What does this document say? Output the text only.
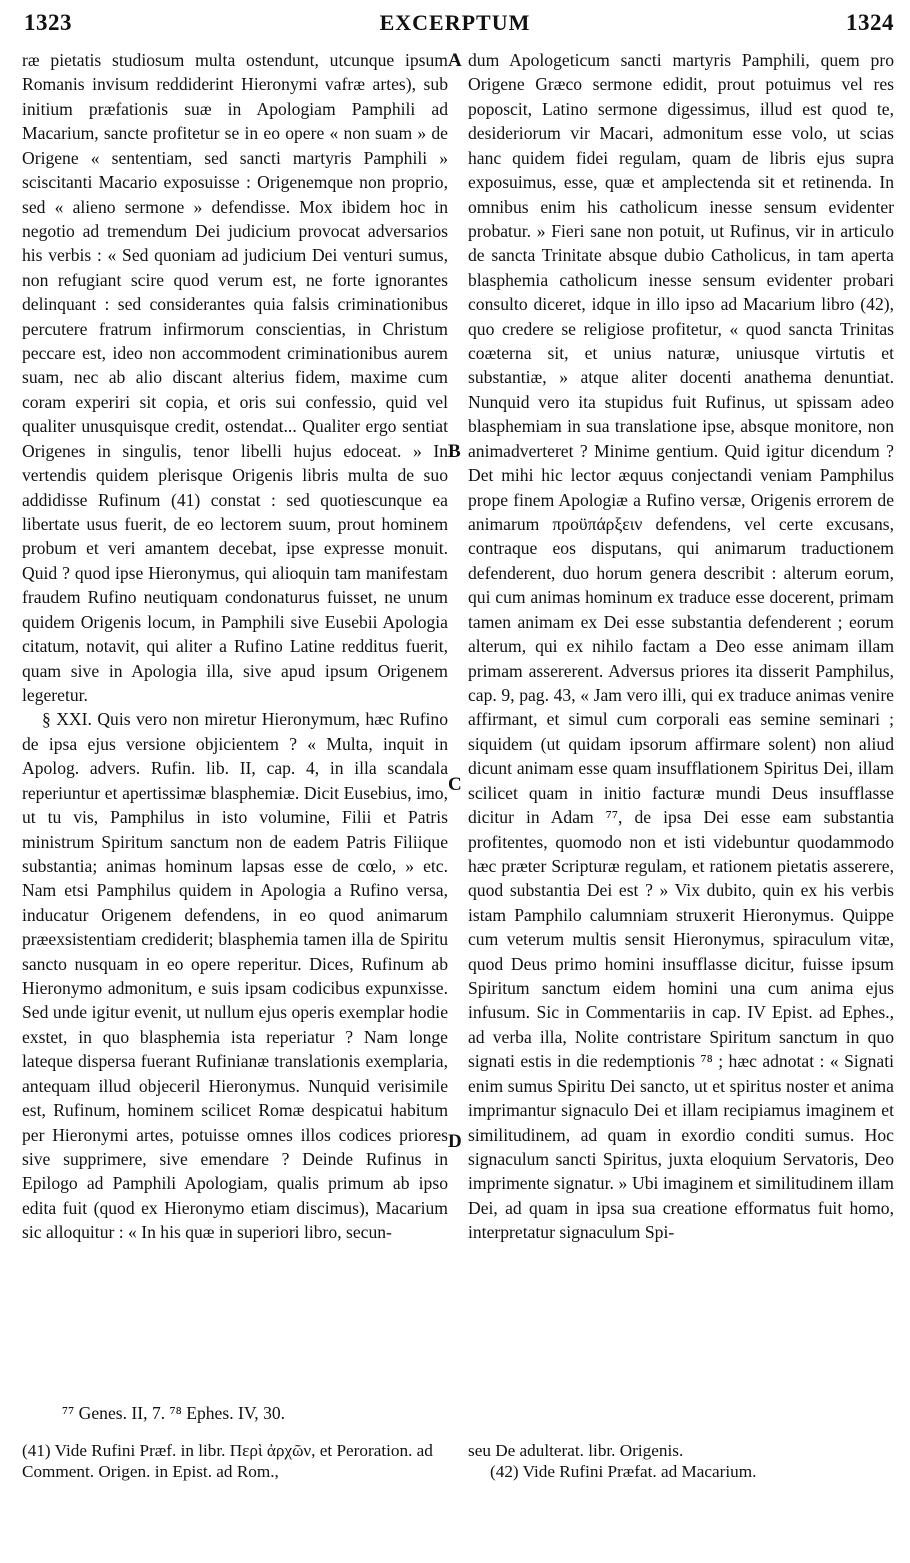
1323	EXCERPTUM	1324
A
B
C
D

ræ pietatis studiosum multa ostendunt, utcunque ipsum Romanis invisum reddiderint Hieronymi vafræ artes), sub initium præfationis suæ in Apologiam Pamphili ad Macarium, sancte profitetur se in eo opere « non suam » de Origene « sententiam, sed sancti martyris Pamphili » sciscitanti Macario exposuisse : Origenemque non proprio, sed « alieno sermone » defendisse. Mox ibidem hoc in negotio ad tremendum Dei judicium provocat adversarios his verbis : « Sed quoniam ad judicium Dei venturi sumus, non refugiant scire quod verum est, ne forte ignorantes delinquant : sed considerantes quia falsis criminationibus percutere fratrum infirmorum conscientias, in Christum peccare est, ideo non accommodent criminationibus aurem suam, nec ab alio discant alterius fidem, maxime cum coram experiri sit copia, et oris sui confessio, quid vel qualiter unusquisque credit, ostendat... Qualiter ergo sentiat Origenes in singulis, tenor libelli hujus edoceat. » In vertendis quidem plerisque Origenis libris multa de suo addidisse Rufinum (41) constat : sed quotiescunque ea libertate usus fuerit, de eo lectorem suum, prout hominem probum et veri amantem decebat, ipse expresse monuit. Quid ? quod ipse Hieronymus, qui alioquin tam manifestam fraudem Rufino neutiquam condonaturus fuisset, ne unum quidem Origenis locum, in Pamphili sive Eusebii Apologia citatum, notavit, qui aliter a Rufino Latine redditus fuerit, quam sive in Apologia illa, sive apud ipsum Origenem legeretur.

§ XXI. Quis vero non miretur Hieronymum, hæc Rufino de ipsa ejus versione objicientem ? « Multa, inquit in Apolog. advers. Rufin. lib. II, cap. 4, in illa scandala reperiuntur et apertissimæ blasphemiæ. Dicit Eusebius, imo, ut tu vis, Pamphilus in isto volumine, Filii et Patris ministrum Spiritum sanctum non de eadem Patris Filiique substantia; animas hominum lapsas esse de cœlo, » etc. Nam etsi Pamphilus quidem in Apologia a Rufino versa, inducatur Origenem defendens, in eo quod animarum præexsistentiam crediderit; blasphemia tamen illa de Spiritu sancto nusquam in eo opere reperitur. Dices, Rufinum ab Hieronymo admonitum, e suis ipsam codicibus expunxisse. Sed unde igitur evenit, ut nullum ejus operis exemplar hodie exstet, in quo blasphemia ista reperiatur ? Nam longe lateque dispersa fuerant Rufinianæ translationis exemplaria, antequam illud objeceril Hieronymus. Nunquid verisimile est, Rufinum, hominem scilicet Romæ despicatui habitum per Hieronymi artes, potuisse omnes illos codices priores sive supprimere, sive emendare ? Deinde Rufinus in Epilogo ad Pamphili Apologiam, qualis primum ab ipso edita fuit (quod ex Hieronymo etiam discimus), Macarium sic alloquitur : « In his quæ in superiori libro, secun-

dum Apologeticum sancti martyris Pamphili, quem pro Origene Græco sermone edidit, prout potuimus vel res poposcit, Latino sermone digessimus, illud est quod te, desideriorum vir Macari, admonitum esse volo, ut scias hanc quidem fidei regulam, quam de libris ejus supra exposuimus, esse, quæ et amplectenda sit et retinenda. In omnibus enim his catholicum inesse sensum evidenter probatur. » Fieri sane non potuit, ut Rufinus, vir in articulo de sancta Trinitate absque dubio Catholicus, in tam aperta blasphemia catholicum inesse sensum evidenter probari consulto diceret, idque in illo ipso ad Macarium libro (42), quo credere se religiose profitetur, « quod sancta Trinitas coæterna sit, et unius naturæ, uniusque virtutis et substantiæ, » atque aliter docenti anathema denuntiat. Nunquid vero ita stupidus fuit Rufinus, ut spissam adeo blasphemiam in sua translatione ipse, absque monitore, non animadverteret ? Minime gentium. Quid igitur dicendum ? Det mihi hic lector æquus conjectandi veniam Pamphilus prope finem Apologiæ a Rufino versæ, Origenis errorem de animarum προϋπάρξειν defendens, vel certe excusans, contraque eos disputans, qui animarum traductionem defenderent, duo horum genera describit : alterum eorum, qui cum animas hominum ex traduce esse docerent, primam tamen animam ex Dei esse substantia defenderent ; eorum alterum, qui ex nihilo factam a Deo esse animam illam primam assererent. Adversus priores ita disserit Pamphilus, cap. 9, pag. 43, « Jam vero illi, qui ex traduce animas venire affirmant, et simul cum corporali eas semine seminari ; siquidem (ut quidam ipsorum affirmare solent) non aliud dicunt animam esse quam insufflationem Spiritus Dei, illam scilicet quam in initio facturæ mundi Deus insufflasse dicitur in Adam ⁷⁷, de ipsa Dei esse eam substantia profitentes, quomodo non et isti videbuntur quodammodo hæc præter Scripturæ regulam, et rationem pietatis asserere, quod substantia Dei est ? » Vix dubito, quin ex his verbis istam Pamphilo calumniam struxerit Hieronymus. Quippe cum veterum multis sensit Hieronymus, spiraculum vitæ, quod Deus primo homini insufflasse dicitur, fuisse ipsum Spiritum sanctum eidem homini una cum anima ejus infusum. Sic in Commentariis in cap. IV Epist. ad Ephes., ad verba illa, Nolite contristare Spiritum sanctum in quo signati estis in die redemptionis ⁷⁸ ; hæc adnotat : « Signati enim sumus Spiritu Dei sancto, ut et spiritus noster et anima imprimantur signaculo Dei et illam recipiamus imaginem et similitudinem, ad quam in exordio conditi sumus. Hoc signaculum sancti Spiritus, juxta eloquium Servatoris, Deo imprimente signatur. » Ubi imaginem et similitudinem illam Dei, ad quam in ipsa sua creatione efformatus fuit homo, interpretatur signaculum Spi-

⁷⁷ Genes. II, 7. ⁷⁸ Ephes. IV, 30.

(41) Vide Rufini Præf. in libr. Περὶ ἀρχῶν, et Peroration. ad Comment. Origen. in Epist. ad Rom.,

seu De adulterat. libr. Origenis.

(42) Vide Rufini Præfat. ad Macarium.
